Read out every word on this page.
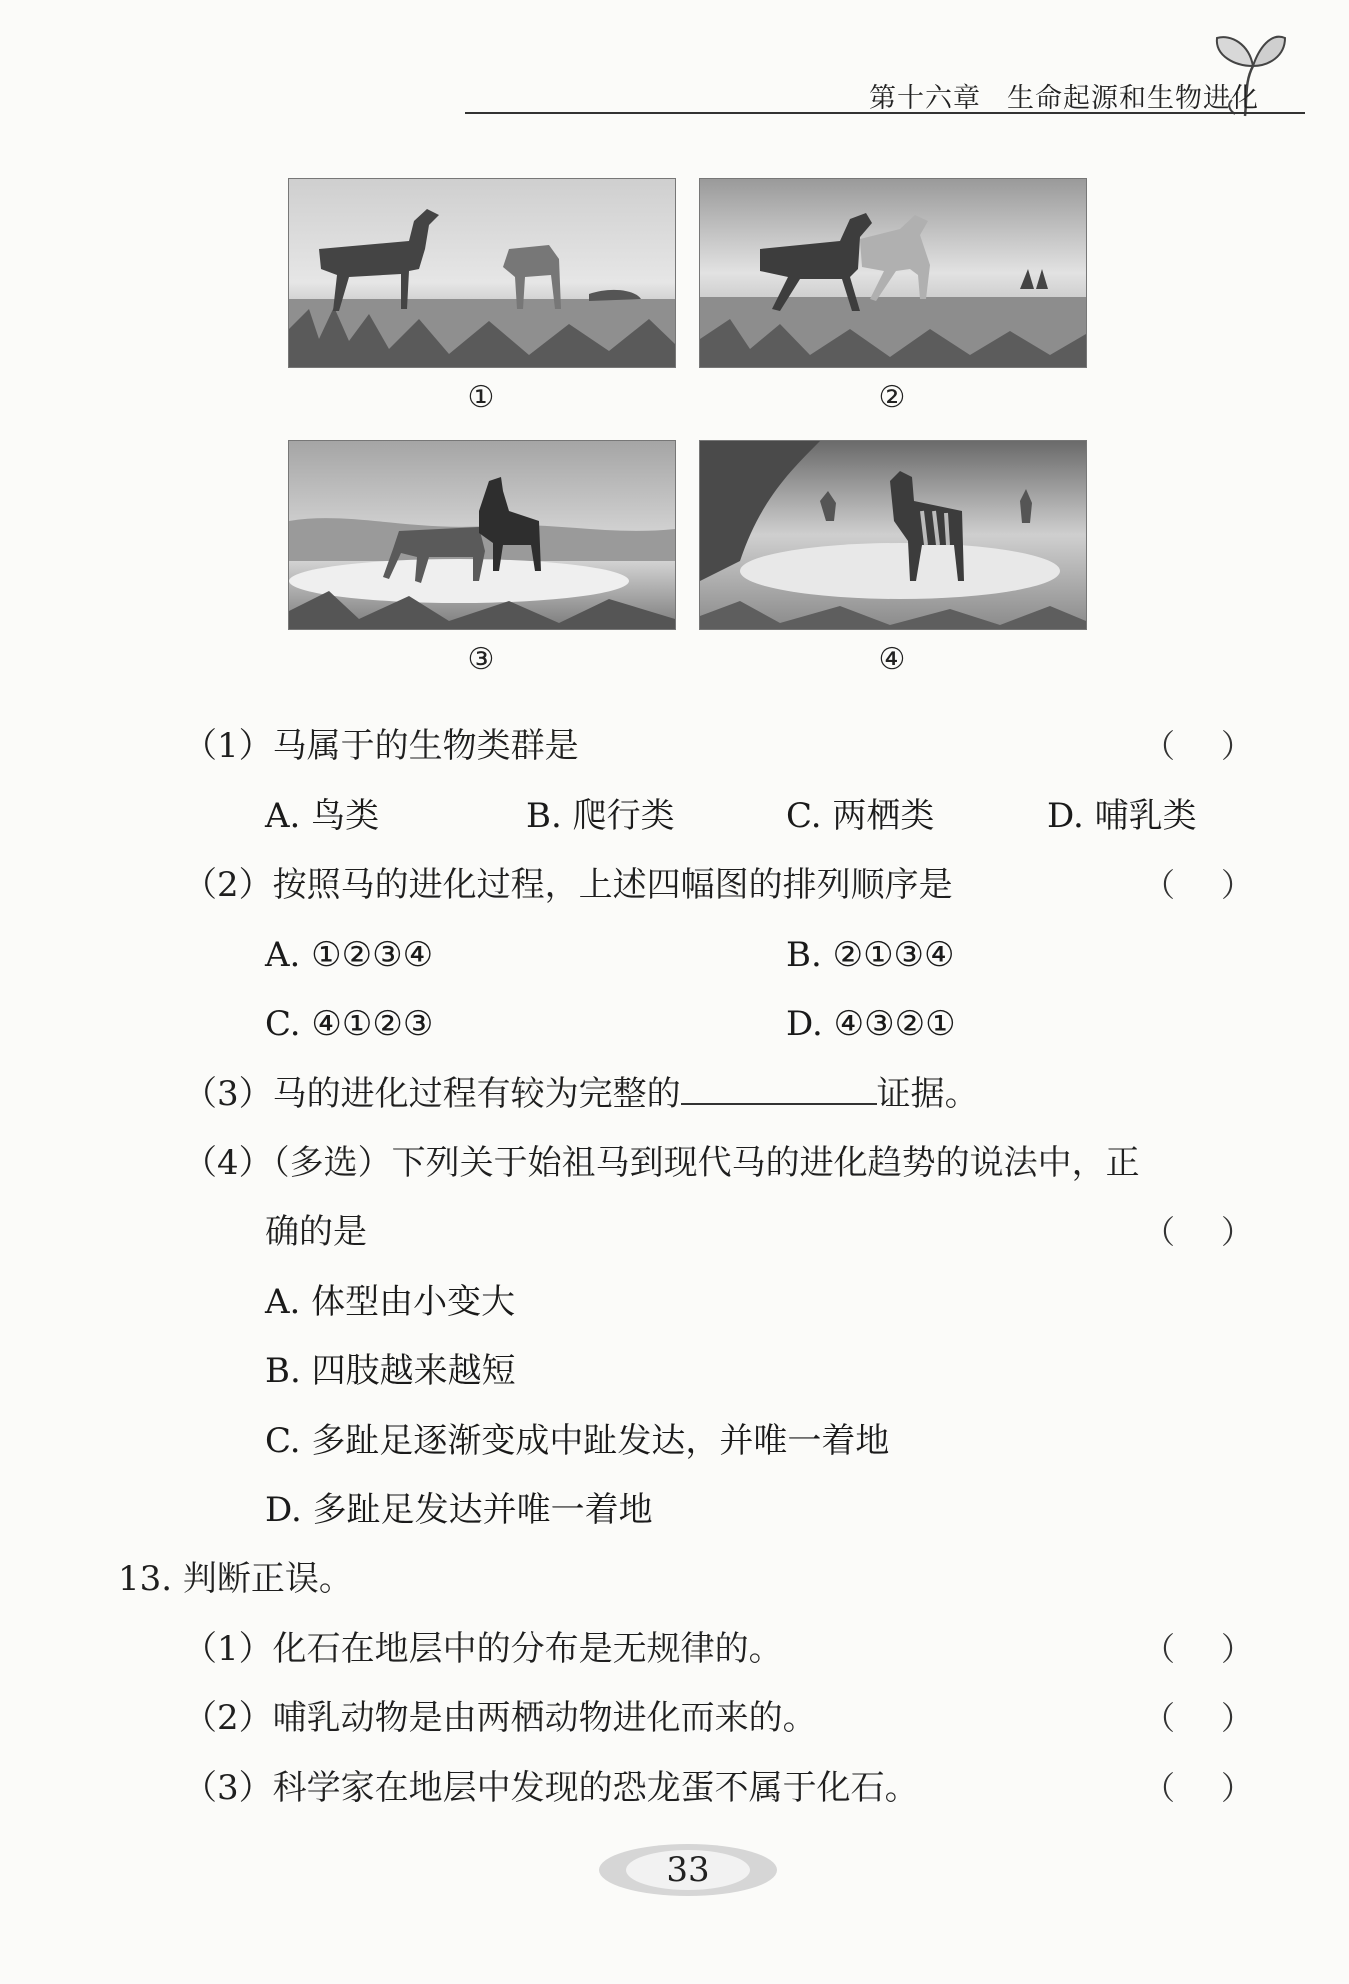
第十六章 生命起源和生物进化
①	②
③	④
（1）马属于的生物类群是	（ ）
A. 鸟类	B. 爬行类	C. 两栖类	D. 哺乳类
（2）按照马的进化过程，上述四幅图的排列顺序是	（ ）
A. ①②③④	B. ②①③④
C. ④①②③	D. ④③②①
（3）马的进化过程有较为完整的	证据。
（4）（多选）下列关于始祖马到现代马的进化趋势的说法中，正
确的是	（ ）
A. 体型由小变大
B. 四肢越来越短
C. 多趾足逐渐变成中趾发达，并唯一着地
D. 多趾足发达并唯一着地
13. 判断正误。
（1）化石在地层中的分布是无规律的。	（ ）
（2）哺乳动物是由两栖动物进化而来的。	（ ）
（3）科学家在地层中发现的恐龙蛋不属于化石。	（ ）
33
